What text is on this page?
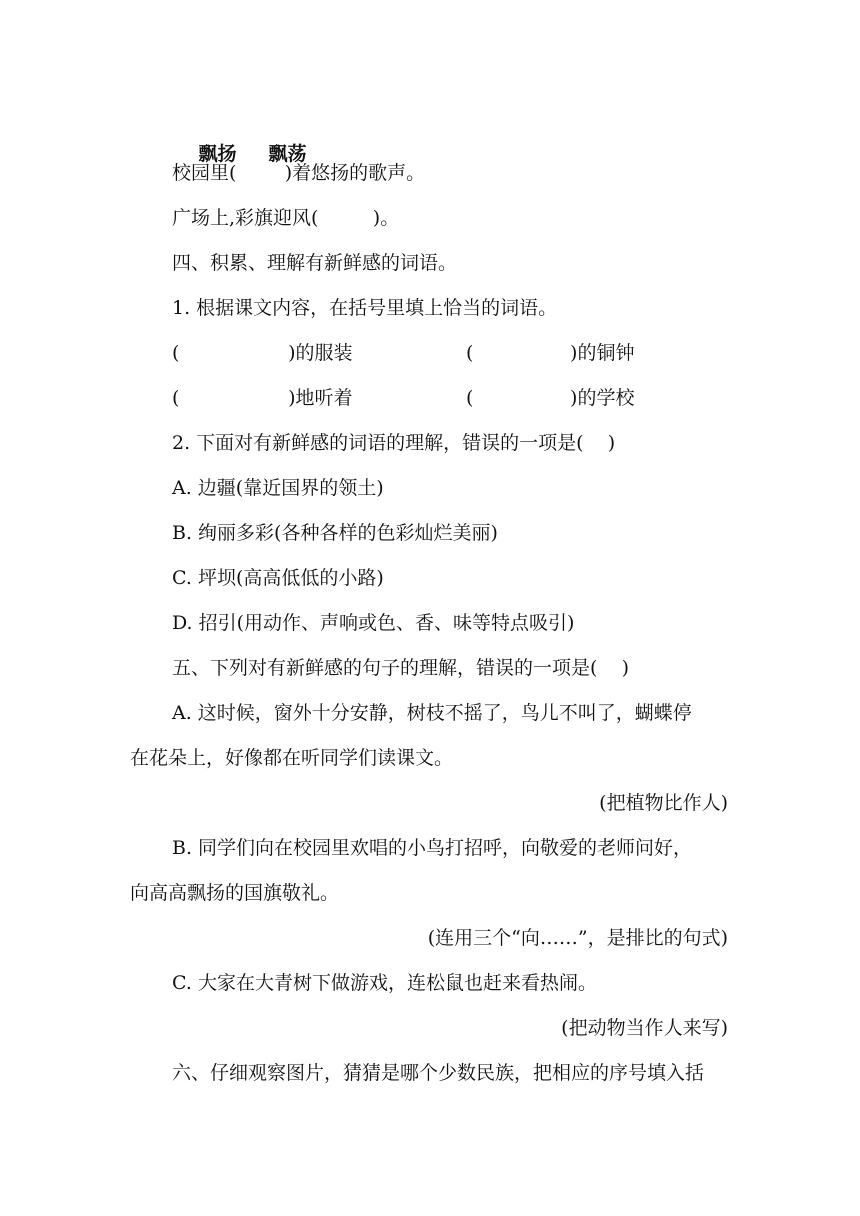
飘扬 飘荡

校园里(        )着悠扬的歌声。
广场上,彩旗迎风(         )。
四、积累、理解有新鲜感的词语。
1. 根据课文内容，在括号里填上恰当的词语。
(                  )的服装	(                )的铜钟
(                  )地听着	(                )的学校
2. 下面对有新鲜感的词语的理解，错误的一项是(    )
A. 边疆(靠近国界的领土)
B. 绚丽多彩(各种各样的色彩灿烂美丽)
C. 坪坝(高高低低的小路)
D. 招引(用动作、声响或色、香、味等特点吸引)
五、下列对有新鲜感的句子的理解，错误的一项是(    )
A. 这时候，窗外十分安静，树枝不摇了，鸟儿不叫了，蝴蝶停
在花朵上，好像都在听同学们读课文。
(把植物比作人)
B. 同学们向在校园里欢唱的小鸟打招呼，向敬爱的老师问好，
向高高飘扬的国旗敬礼。
(连用三个“向……”，是排比的句式)
C. 大家在大青树下做游戏，连松鼠也赶来看热闹。
(把动物当作人来写)
六、仔细观察图片，猜猜是哪个少数民族，把相应的序号填入括
